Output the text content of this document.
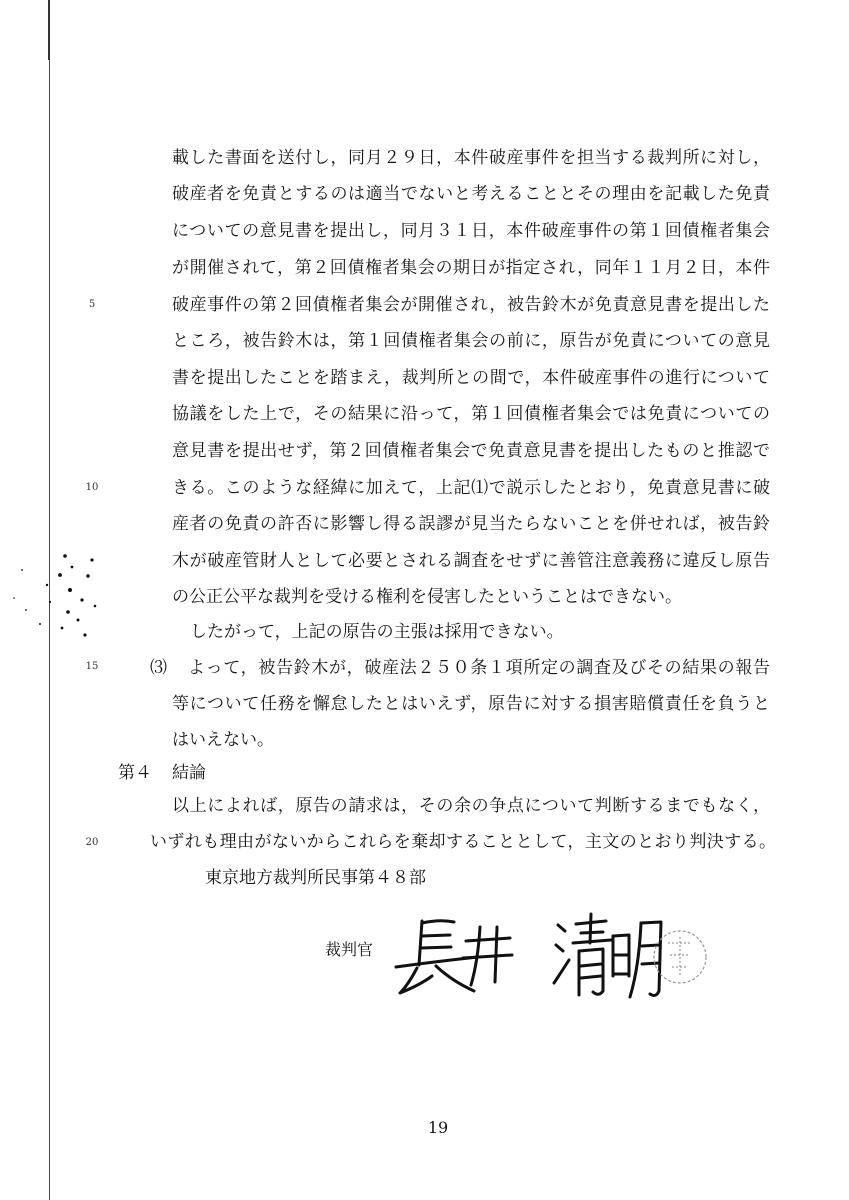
5
10
15
20
載した書面を送付し，同月２９日，本件破産事件を担当する裁判所に対し，
破産者を免責とするのは適当でないと考えることとその理由を記載した免責
についての意見書を提出し，同月３１日，本件破産事件の第１回債権者集会
が開催されて，第２回債権者集会の期日が指定され，同年１１月２日，本件
破産事件の第２回債権者集会が開催され，被告鈴木が免責意見書を提出した
ところ，被告鈴木は，第１回債権者集会の前に，原告が免責についての意見
書を提出したことを踏まえ，裁判所との間で，本件破産事件の進行について
協議をした上で，その結果に沿って，第１回債権者集会では免責についての
意見書を提出せず，第２回債権者集会で免責意見書を提出したものと推認で
きる。このような経緯に加えて，上記⑴で説示したとおり，免責意見書に破
産者の免責の許否に影響し得る誤謬が見当たらないことを併せれば，被告鈴
木が破産管財人として必要とされる調査をせずに善管注意義務に違反し原告
の公正公平な裁判を受ける権利を侵害したということはできない。
したがって，上記の原告の主張は採用できない。
⑶ よって，被告鈴木が，破産法２５０条１項所定の調査及びその結果の報告
等について任務を懈怠したとはいえず，原告に対する損害賠償責任を負うと
はいえない。
第４ 結論
以上によれば，原告の請求は，その余の争点について判断するまでもなく，
いずれも理由がないからこれらを棄却することとして，主文のとおり判決する。
東京地方裁判所民事第４８部
裁判官
19
